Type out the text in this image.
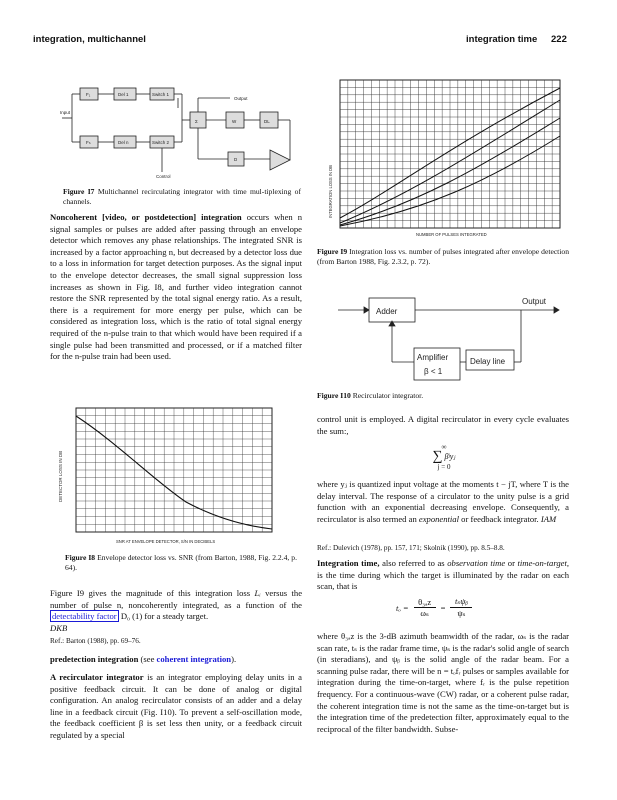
integration, multichannel	integration time 222
Input
F₁
Fₙ
Del 1
Del n
Switch 1
Switch 2
Σ	W	DL
Output
D
Control
Figure I7 Multichannel recirculating integrator with time mul-tiplexing of channels.
Noncoherent [video, or postdetection] integration occurs when n signal samples or pulses are added after passing through an envelope detector which removes any phase relationships. The integrated SNR is increased by a factor approaching n, but decreased by a detector loss due to a loss in information for target detection purposes. As the signal input to the envelope detector decreases, the small signal suppression loss increases as shown in Fig. I8, and further video integration cannot restore the SNR represented by the total signal energy ratio. As a result, there is a requirement for more energy per pulse, which can be considered as integration loss, which is the ratio of total signal energy required of the n-pulse train to that which would have been required if a single pulse had been transmitted and processed, or if a matched filter for the n-pulse train had been used.
DETECTOR LOSS IN DB
SNR AT ENVELOPE DETECTOR, S/N IN DECIBELS
Figure I8 Envelope detector loss vs. SNR (from Barton, 1988, Fig. 2.2.4, p. 64).
Figure I9 gives the magnitude of this integration loss Lᵢ versus the number of pulse n, noncoherently integrated, as a function of the detectability factor D₀ (1) for a steady target.
DKB
Ref.: Barton (1988), pp. 69–76.
predetection integration (see coherent integration).
A recirculator integrator is an integrator employing delay units in a positive feedback circuit. It can be done of analog or digital configuration. An analog recirculator consists of an adder and a delay line in a feedback circuit (Fig. I10). To prevent a self-oscillation mode, the feedback coefficient β is set less then unity, or a feedback circuit regulated by a special
INTEGRATION LOSS IN DB
NUMBER OF PULSES INTEGRATED
Figure I9 Integration loss vs. number of pulses integrated after envelope detection (from Barton 1988, Fig. 2.3.2, p. 72).
Adder
Output
Amplifier
β < 1
Delay line
Figure I10 Recirculator integrator.
control unit is employed. A digital recirculator in every cycle evaluates the sum:,
∞
∑ βʲyⱼ
j = 0
where yⱼ is quantized input voltage at the moments t − jT, where T is the delay interval. The response of a circulator to the unity pulse is a grid function with an exponential decreasing envelope. Consequently, a recirculator is also termed an exponential or feedback integrator. IAM
Ref.: Dulevich (1978), pp. 157, 171; Skolnik (1990), pp. 8.5–8.8.
Integration time, also referred to as observation time or time-on-target, is the time during which the target is illuminated by the radar on each scan, that is
$t_o = \frac{\text{θ₃ₐz}}{\text{ωₛ}}$ =
tₛψᵦ
ψₛ
where θ₃ₐz is the 3-dB azimuth beamwidth of the radar, ωₛ is the radar scan rate, tₛ is the radar frame time, ψₛ is the radar's solid angle of search (in steradians), and ψᵦ is the solid angle of the radar beam. For a scanning pulse radar, there will be n = tₒfᵣ pulses or samples available for integration during the time-on-target, where fᵣ is the pulse repetition frequency. For a continuous-wave (CW) radar, or a coherent pulse radar, the coherent integration time is not the same as the time-on-target but is the integration time of the predetection filter, approximately equal to the reciprocal of the filter bandwidth. Subse-
